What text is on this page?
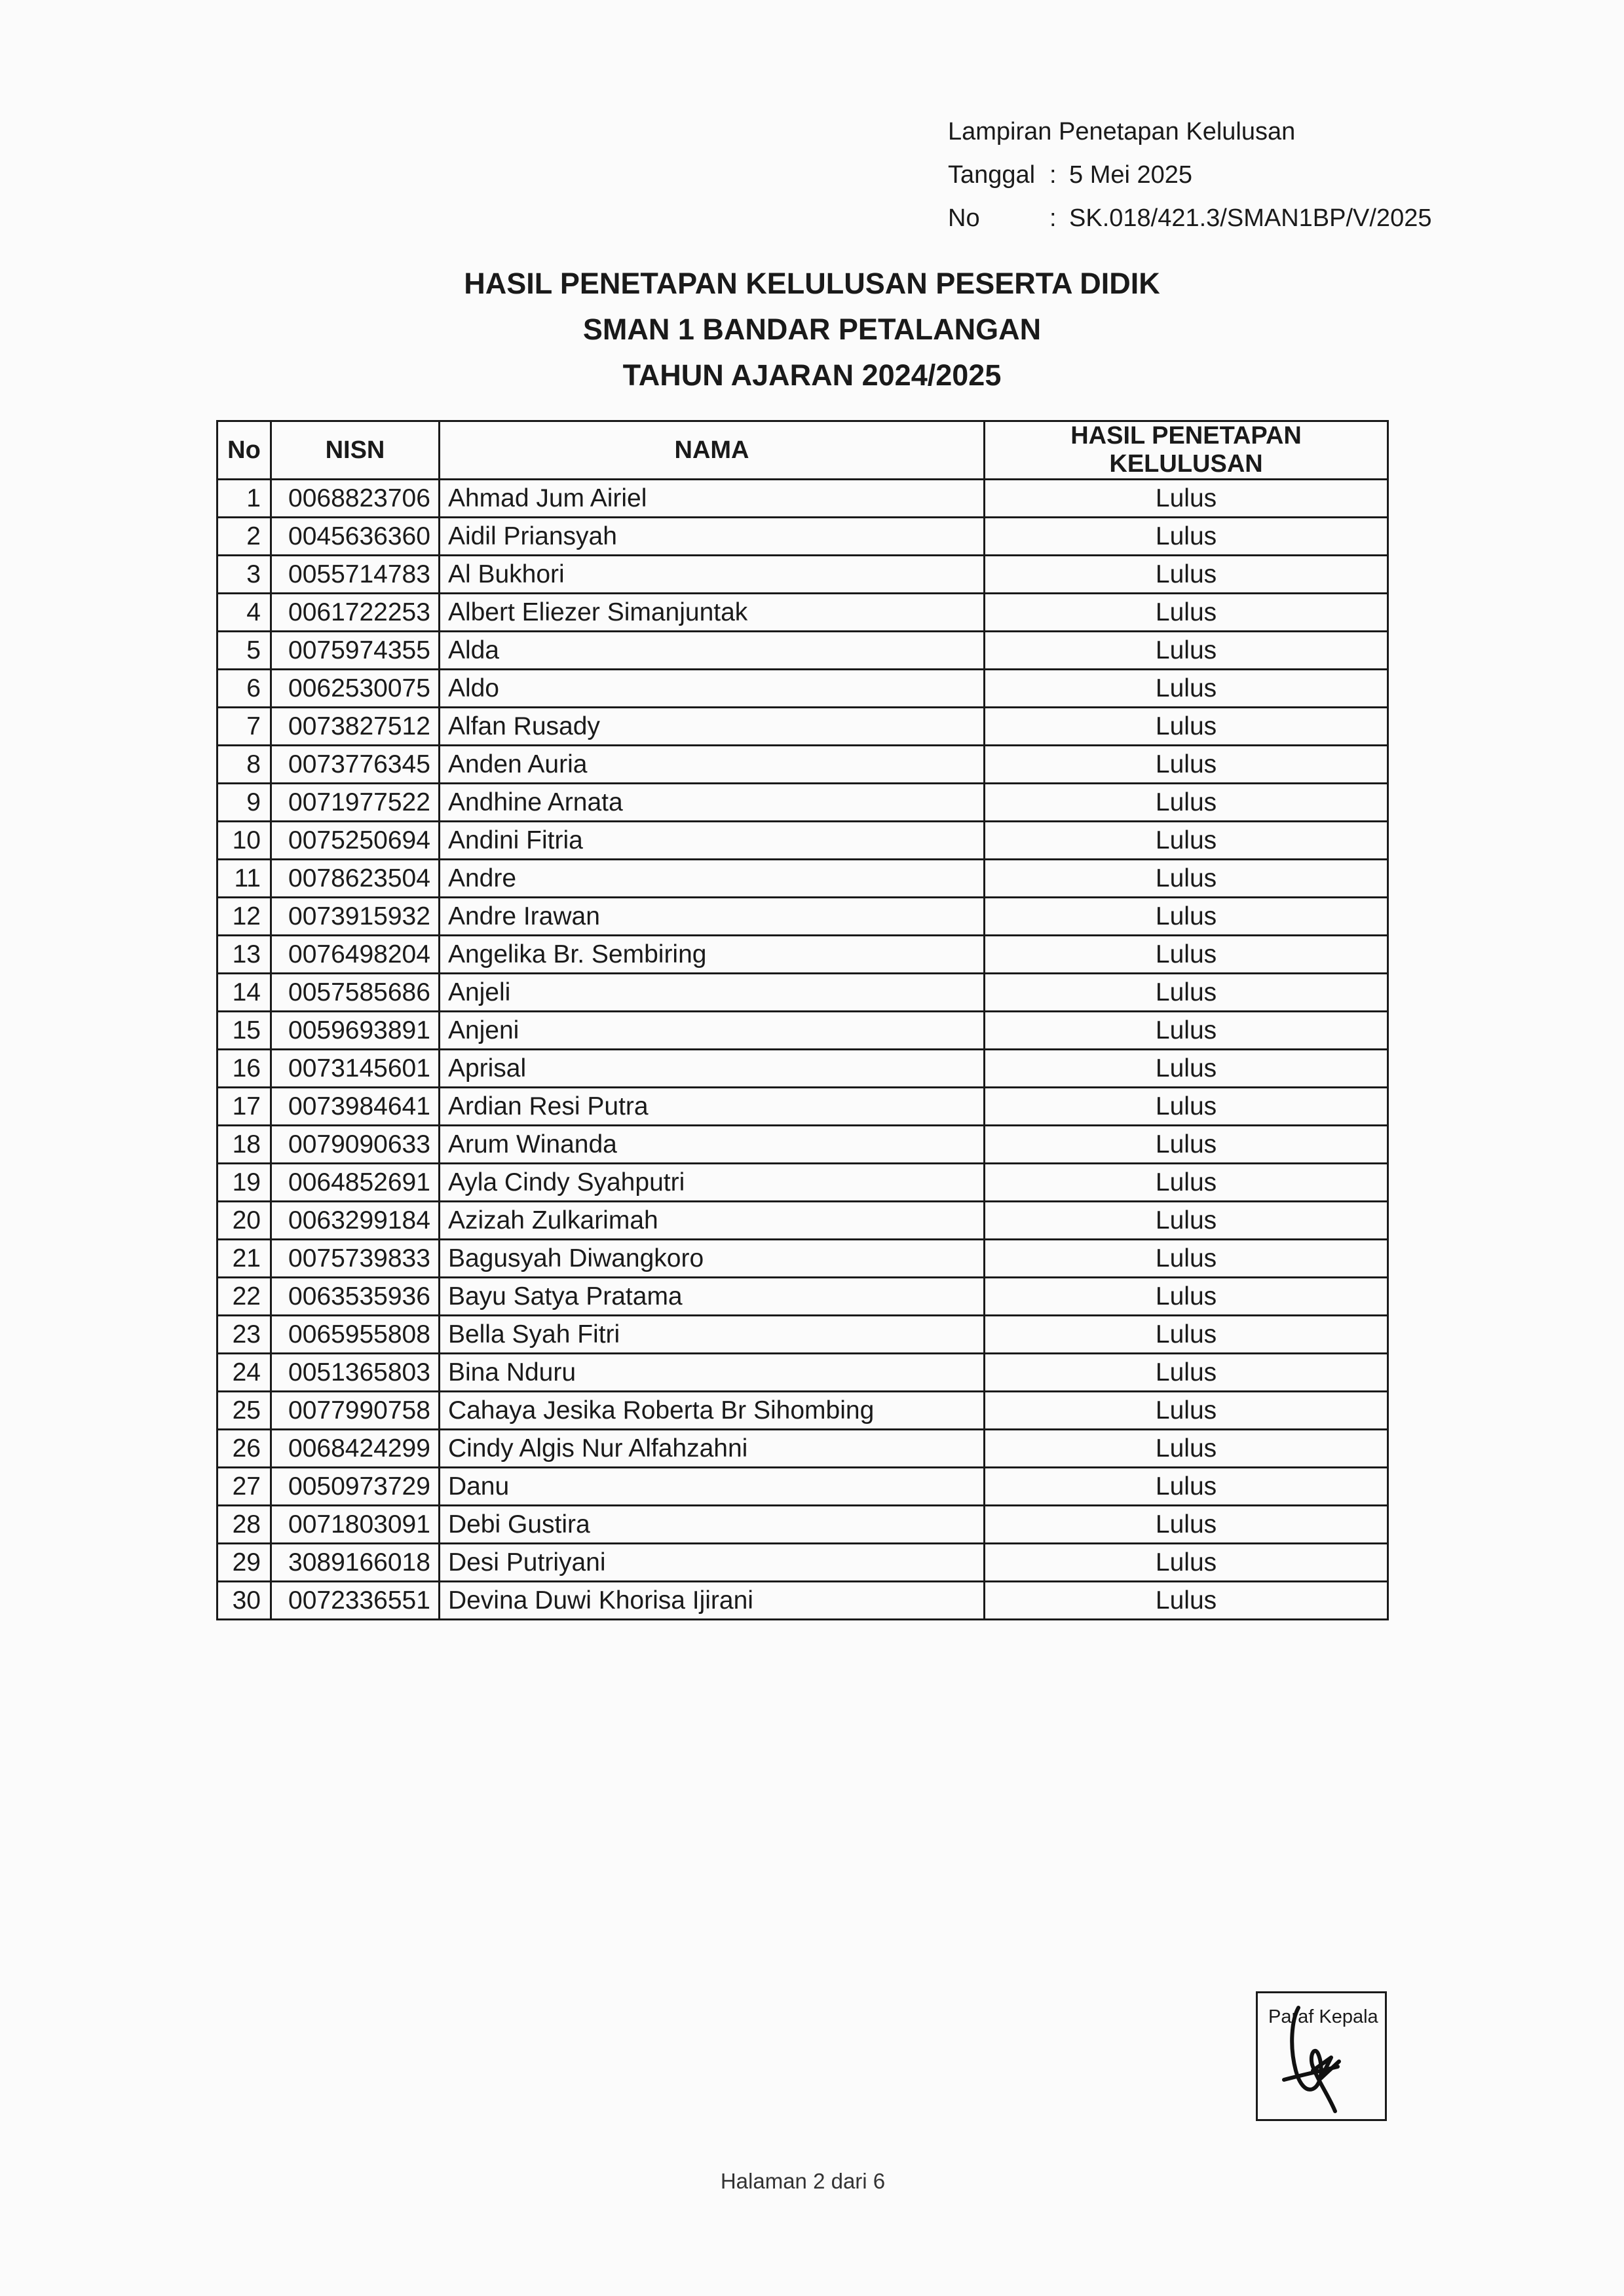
Lampiran Penetapan Kelulusan
Tanggal : 5 Mei 2025
No	: SK.018/421.3/SMAN1BP/V/2025
HASIL PENETAPAN KELULUSAN PESERTA DIDIK
SMAN 1 BANDAR PETALANGAN
TAHUN AJARAN 2024/2025
No	NISN	NAMA	HASIL PENETAPAN KELULUSAN
1	0068823706	Ahmad Jum Airiel	Lulus
2	0045636360	Aidil Priansyah	Lulus
3	0055714783	Al Bukhori	Lulus
4	0061722253	Albert Eliezer Simanjuntak	Lulus
5	0075974355	Alda	Lulus
6	0062530075	Aldo	Lulus
7	0073827512	Alfan Rusady	Lulus
8	0073776345	Anden Auria	Lulus
9	0071977522	Andhine Arnata	Lulus
10	0075250694	Andini Fitria	Lulus
11	0078623504	Andre	Lulus
12	0073915932	Andre Irawan	Lulus
13	0076498204	Angelika Br. Sembiring	Lulus
14	0057585686	Anjeli	Lulus
15	0059693891	Anjeni	Lulus
16	0073145601	Aprisal	Lulus
17	0073984641	Ardian Resi Putra	Lulus
18	0079090633	Arum Winanda	Lulus
19	0064852691	Ayla Cindy Syahputri	Lulus
20	0063299184	Azizah Zulkarimah	Lulus
21	0075739833	Bagusyah Diwangkoro	Lulus
22	0063535936	Bayu Satya Pratama	Lulus
23	0065955808	Bella Syah Fitri	Lulus
24	0051365803	Bina Nduru	Lulus
25	0077990758	Cahaya Jesika Roberta Br Sihombing	Lulus
26	0068424299	Cindy Algis Nur Alfahzahni	Lulus
27	0050973729	Danu	Lulus
28	0071803091	Debi Gustira	Lulus
29	3089166018	Desi Putriyani	Lulus
30	0072336551	Devina Duwi Khorisa Ijirani	Lulus
Paraf Kepala
Halaman 2 dari 6
